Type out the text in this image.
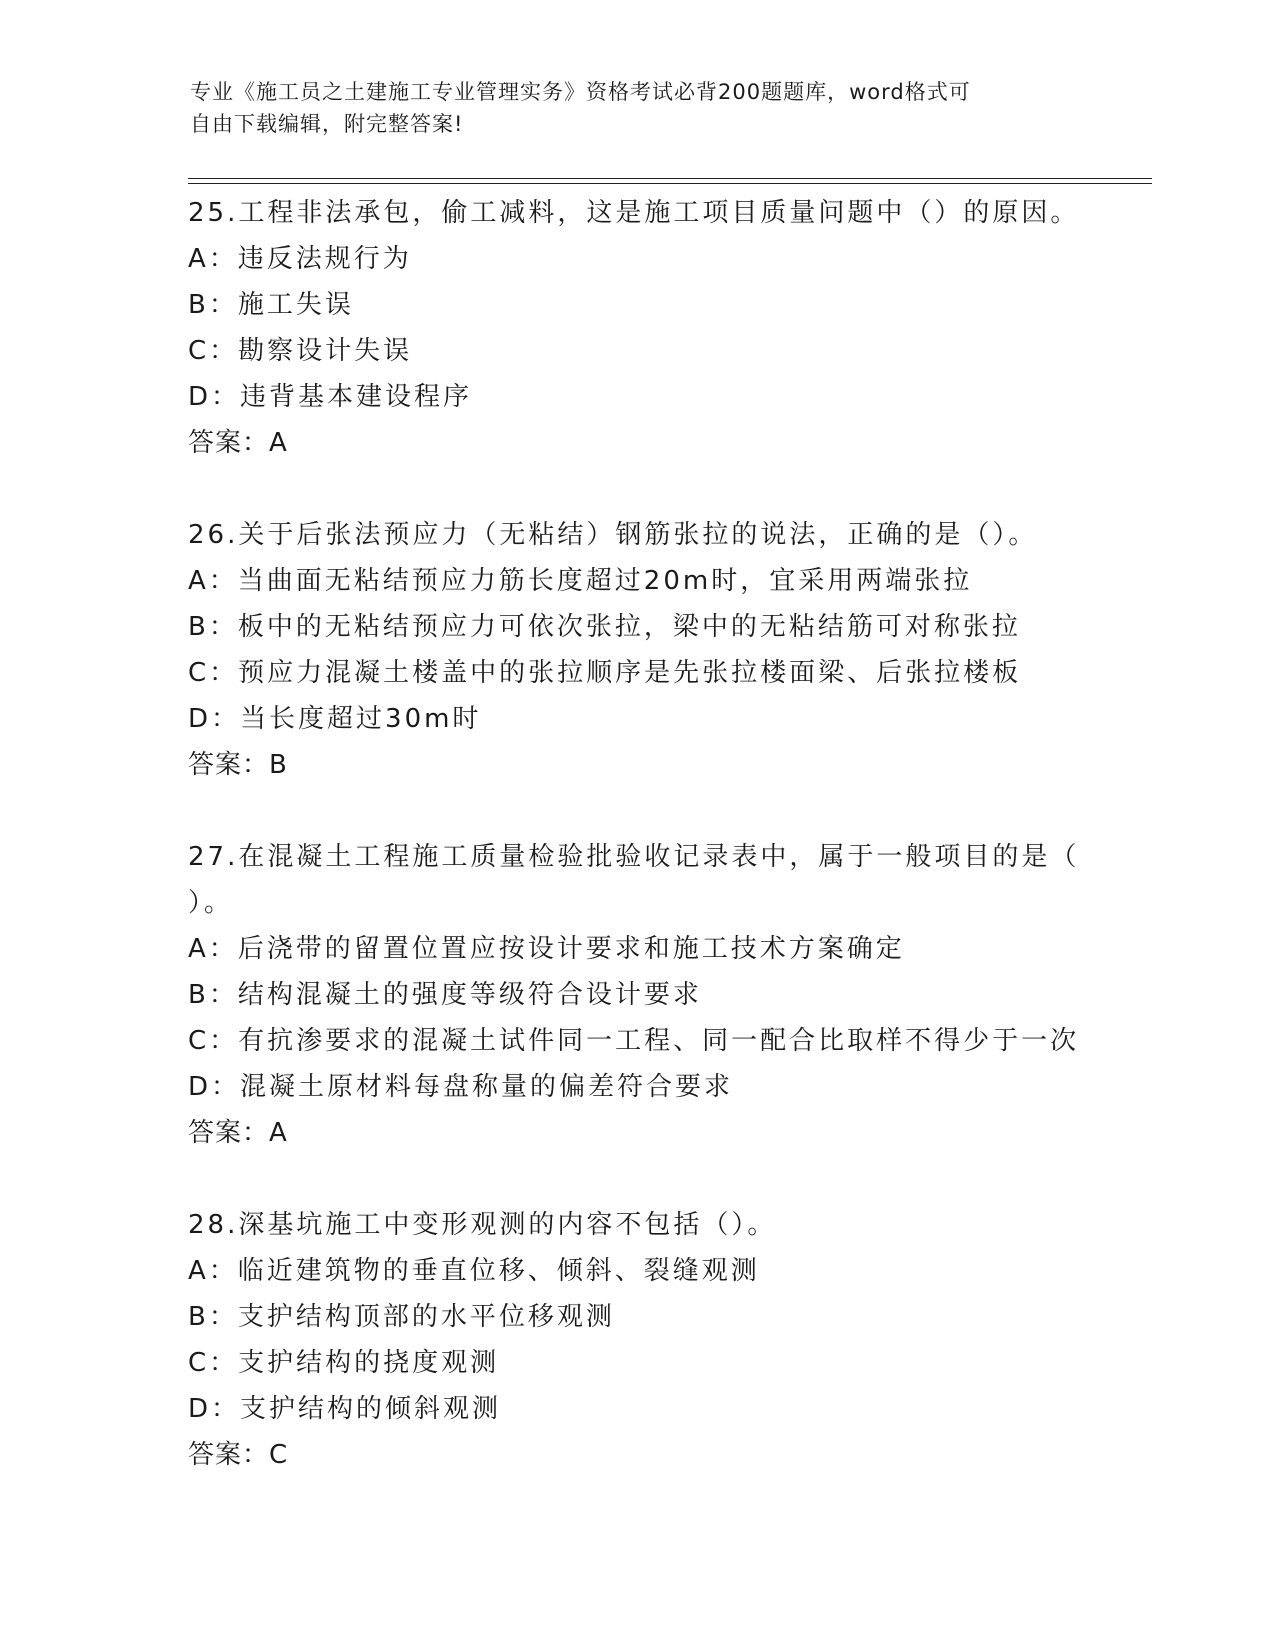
专业《施工员之土建施工专业管理实务》资格考试必背200题题库，word格式可
自由下载编辑，附完整答案!
25.工程非法承包，偷工减料，这是施工项目质量问题中（）的原因。
A：违反法规行为
B：施工失误
C：勘察设计失误
D：违背基本建设程序
答案：A
26.关于后张法预应力（无粘结）钢筋张拉的说法，正确的是（）。
A：当曲面无粘结预应力筋长度超过20m时，宜采用两端张拉
B：板中的无粘结预应力可依次张拉，梁中的无粘结筋可对称张拉
C：预应力混凝土楼盖中的张拉顺序是先张拉楼面梁、后张拉楼板
D：当长度超过30m时
答案：B
27.在混凝土工程施工质量检验批验收记录表中，属于一般项目的是（
）。
A：后浇带的留置位置应按设计要求和施工技术方案确定
B：结构混凝土的强度等级符合设计要求
C：有抗渗要求的混凝土试件同一工程、同一配合比取样不得少于一次
D：混凝土原材料每盘称量的偏差符合要求
答案：A
28.深基坑施工中变形观测的内容不包括（）。
A：临近建筑物的垂直位移、倾斜、裂缝观测
B：支护结构顶部的水平位移观测
C：支护结构的挠度观测
D：支护结构的倾斜观测
答案：C
